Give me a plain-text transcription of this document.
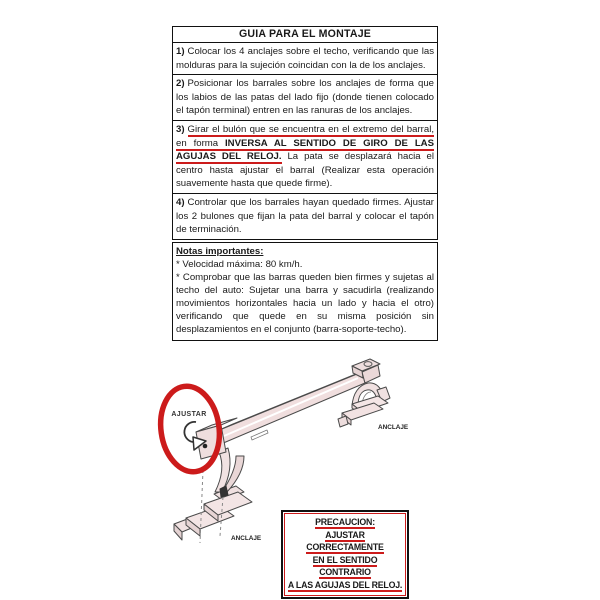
GUIA PARA EL MONTAJE
1) Colocar los 4 anclajes sobre el techo, verificando que las molduras para la sujeción coincidan con la de los anclajes.
2) Posicionar los barrales sobre los anclajes de forma que los labios de las patas del lado fijo (donde tienen colocado el tapón terminal) entren en las ranuras de los anclajes.
3) Girar el bulón que se encuentra en el extremo del barral, en forma INVERSA AL SENTIDO DE GIRO DE LAS AGUJAS DEL RELOJ. La pata se desplazará hacia el centro hasta ajustar el barral (Realizar esta operación suavemente hasta que quede firme).
4) Controlar que los barrales hayan quedado firmes. Ajustar los 2 bulones que fijan la pata del barral y colocar el tapón de terminación.
Notas importantes:
* Velocidad máxima: 80 km/h.
* Comprobar que las barras queden bien firmes y sujetas al techo del auto: Sujetar una barra y sacudirla (realizando movimientos horizontales hacia un lado y hacia el otro) verificando que quede en su misma posición sin desplazamientos en el conjunto (barra-soporte-techo).
AJUSTAR
ANCLAJE
ANCLAJE
PRECAUCION:
AJUSTAR CORRECTAMENTE
EN EL SENTIDO CONTRARIO
A LAS AGUJAS DEL RELOJ.
